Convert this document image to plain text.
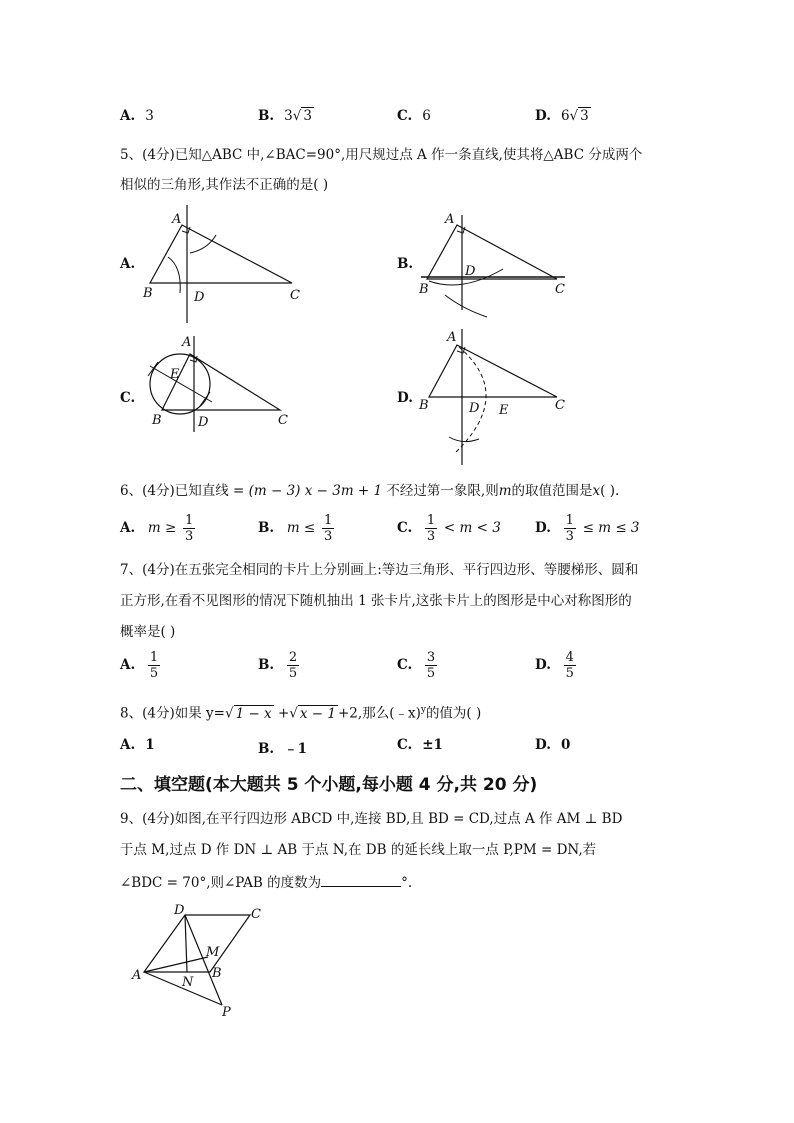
A. 3	B. 3√ 3	C. 6	D. 6√ 3
5、(4分)已知△ABC 中,∠BAC=90°,用尺规过点 A 作一条直线,使其将△ABC 分成两个
相似的三角形,其作法不正确的是( )
A.
A
B	D	C
B.
A
B
D
C
C.
A
E
B	D	C
D.
A
B	D E	C
6、(4分)已知直线 = (m − 3) x − 3m + 1 不经过第一象限,则m的取值范围是x( ).
A. $m \ge \frac{1}{3}$	B. $m \le \frac{1}{3}$	C. $\frac{1}{3} < m < 3$	D. $\frac{1}{3} \le m \le 3$
7、(4分)在五张完全相同的卡片上分别画上:等边三角形、平行四边形、等腰梯形、圆和
正方形,在看不见图形的情况下随机抽出 1 张卡片,这张卡片上的图形是中心对称图形的
概率是( )
A. $\frac{1}{5}$	B. $\frac{2}{5}$	C. $\frac{3}{5}$	D. $\frac{4}{5}$
8、(4分)如果 y=√ 1 − x +√ x − 1 +2,那么(﹣x)$^y$的值为( )
A. 1	B. ﹣1	C. ±1	D. 0
二、填空题(本大题共 5 个小题,每小题 4 分,共 20 分)
9、(4分)如图,在平行四边形 ABCD 中,连接 BD,且 BD = CD,过点 A 作 AM ⊥ BD
于点 M,过点 D 作 DN ⊥ AB 于点 N,在 DB 的延长线上取一点 P,PM = DN,若
∠BDC = 70°,则∠PAB 的度数为	°.
D	C
M
A	B
N
P
